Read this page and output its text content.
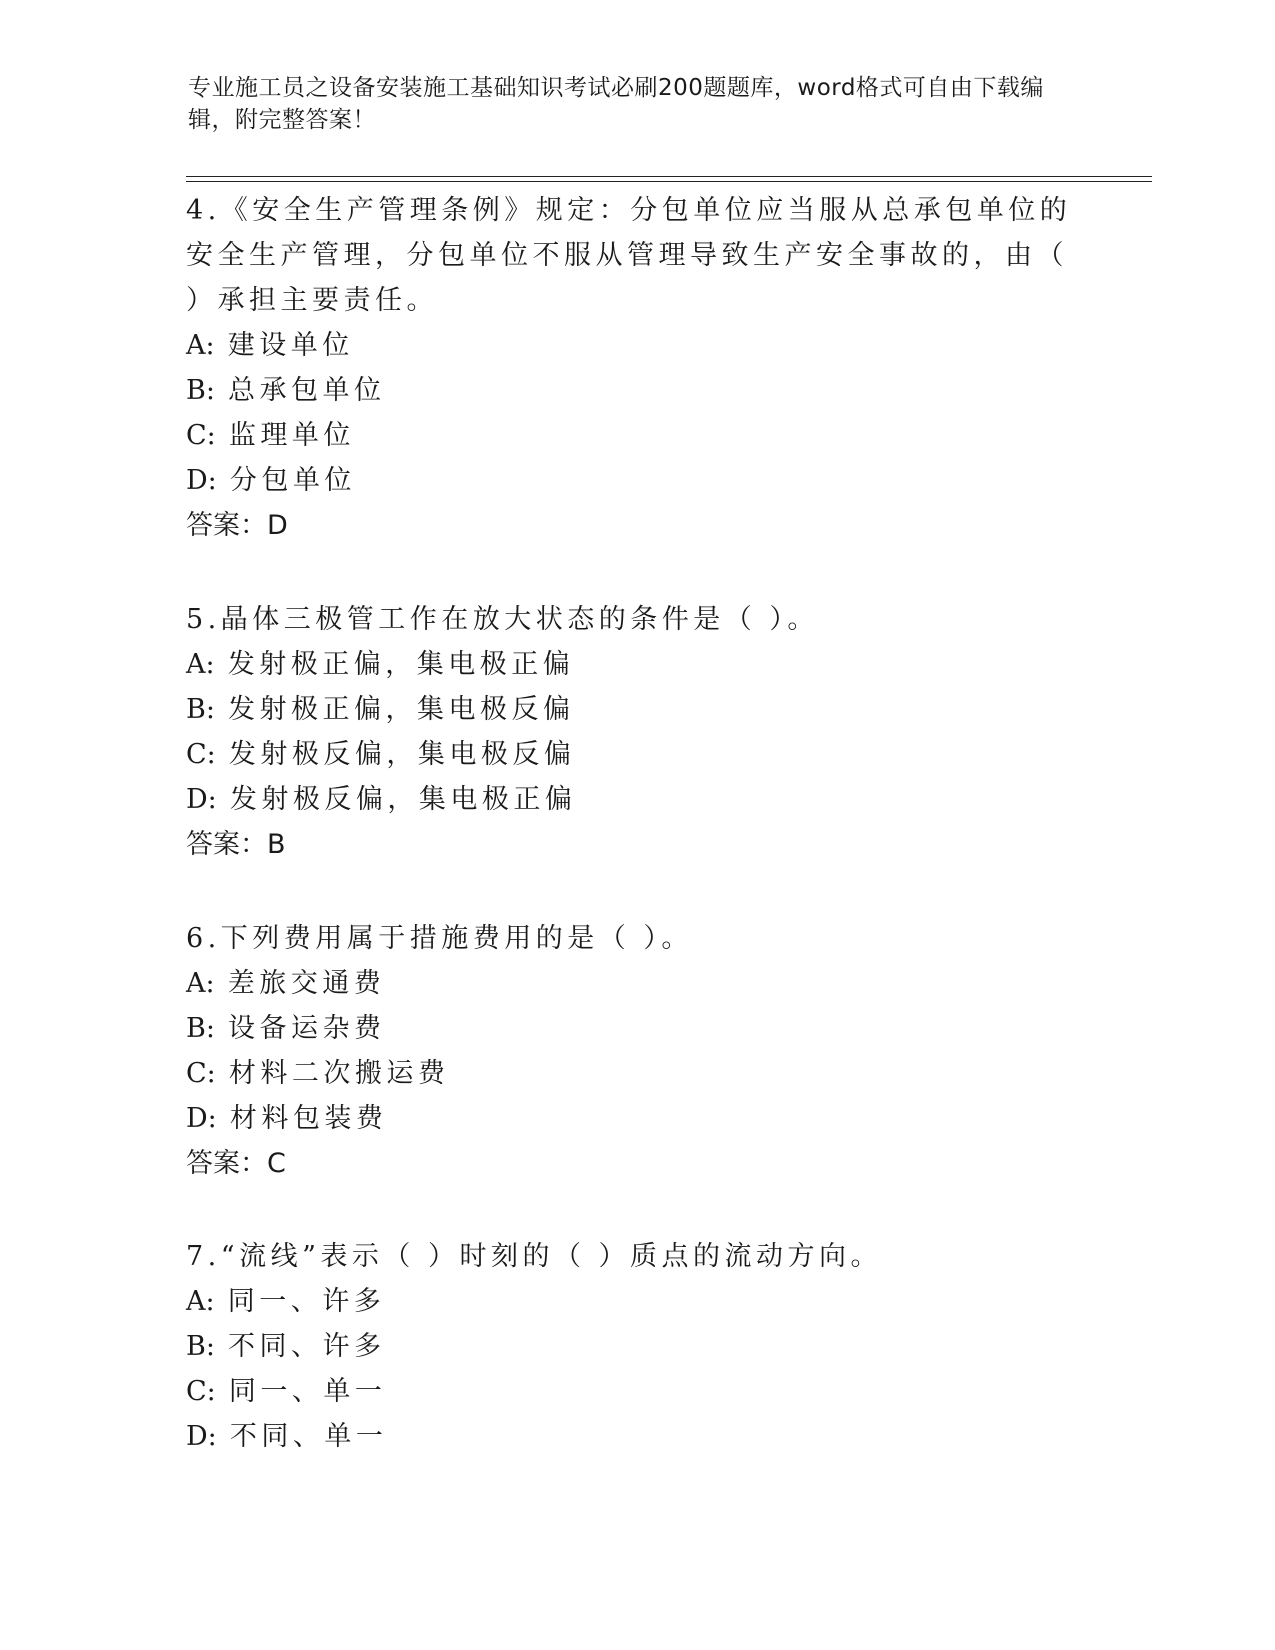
专业施工员之设备安装施工基础知识考试必刷200题题库，word格式可自由下载编辑，附完整答案！

4.《安全生产管理条例》规定：分包单位应当服从总承包单位的安全生产管理，分包单位不服从管理导致生产安全事故的，由（ ）承担主要责任。

A: 建设单位

B: 总承包单位

C: 监理单位

D: 分包单位

答案：D

5.晶体三极管工作在放大状态的条件是（ ）。

A: 发射极正偏，集电极正偏

B: 发射极正偏，集电极反偏

C: 发射极反偏，集电极反偏

D: 发射极反偏，集电极正偏

答案：B

6.下列费用属于措施费用的是（ ）。

A: 差旅交通费

B: 设备运杂费

C: 材料二次搬运费

D: 材料包装费

答案：C

7.“流线”表示（ ）时刻的（ ）质点的流动方向。

A: 同一、许多

B: 不同、许多

C: 同一、单一

D: 不同、单一
